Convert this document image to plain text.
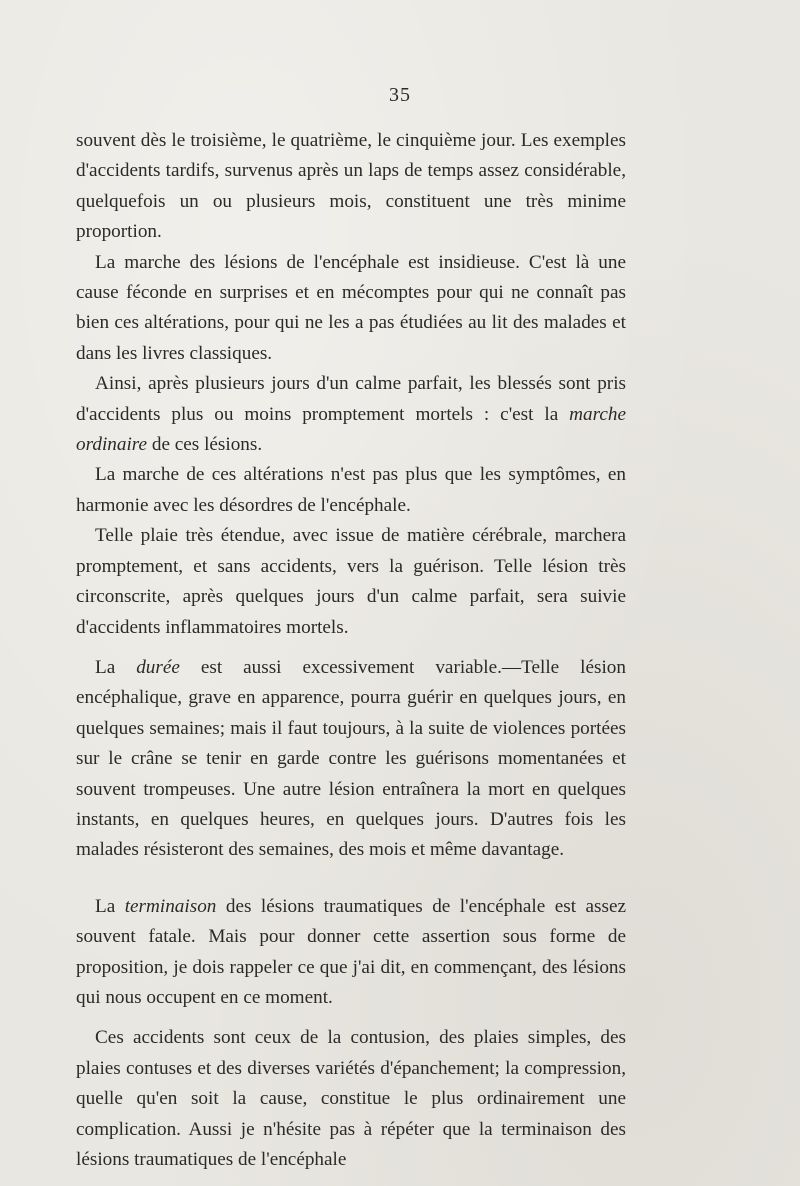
35

souvent dès le troisième, le quatrième, le cinquième jour. Les exemples d'accidents tardifs, survenus après un laps de temps assez considérable, quelquefois un ou plusieurs mois, constituent une très minime proportion.

La marche des lésions de l'encéphale est insidieuse. C'est là une cause féconde en surprises et en mécomptes pour qui ne connaît pas bien ces altérations, pour qui ne les a pas étudiées au lit des malades et dans les livres classiques.

Ainsi, après plusieurs jours d'un calme parfait, les blessés sont pris d'accidents plus ou moins promptement mortels : c'est la marche ordinaire de ces lésions.

La marche de ces altérations n'est pas plus que les symptômes, en harmonie avec les désordres de l'encéphale.

Telle plaie très étendue, avec issue de matière cérébrale, marchera promptement, et sans accidents, vers la guérison. Telle lésion très circonscrite, après quelques jours d'un calme parfait, sera suivie d'accidents inflammatoires mortels.

La durée est aussi excessivement variable.—Telle lésion encéphalique, grave en apparence, pourra guérir en quelques jours, en quelques semaines; mais il faut toujours, à la suite de violences portées sur le crâne se tenir en garde contre les guérisons momentanées et souvent trompeuses. Une autre lésion entraînera la mort en quelques instants, en quelques heures, en quelques jours. D'autres fois les malades résisteront des semaines, des mois et même davantage.

La terminaison des lésions traumatiques de l'encéphale est assez souvent fatale. Mais pour donner cette assertion sous forme de proposition, je dois rappeler ce que j'ai dit, en commençant, des lésions qui nous occupent en ce moment.

Ces accidents sont ceux de la contusion, des plaies simples, des plaies contuses et des diverses variétés d'épanchement; la compression, quelle qu'en soit la cause, constitue le plus ordinairement une complication. Aussi je n'hésite pas à répéter que la terminaison des lésions traumatiques de l'encéphale
